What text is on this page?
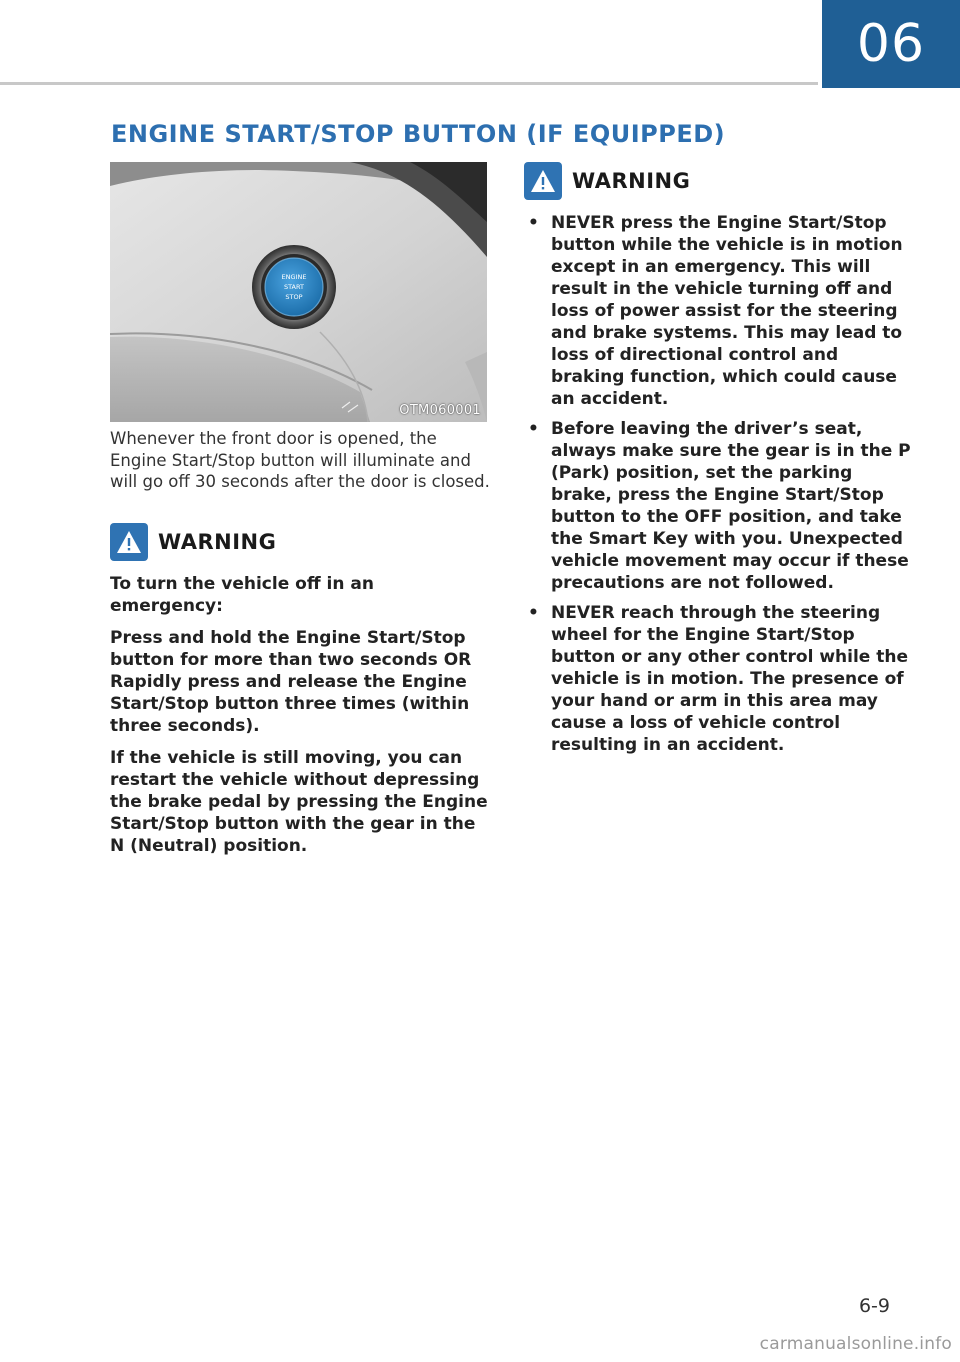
06
ENGINE START/STOP BUTTON (IF EQUIPPED)
ENGINE
START
STOP
OTM060001

Whenever the front door is opened, the Engine Start/Stop button will illuminate and will go off 30 seconds after the door is closed.

WARNING

To turn the vehicle off in an emergency:

Press and hold the Engine Start/Stop button for more than two seconds OR Rapidly press and release the Engine Start/Stop button three times (within three seconds).

If the vehicle is still moving, you can restart the vehicle without depressing the brake pedal by pressing the Engine Start/Stop button with the gear in the N (Neutral) position.

WARNING
• NEVER press the Engine Start/Stop button while the vehicle is in motion except in an emergency. This will result in the vehicle turning off and loss of power assist for the steering and brake systems. This may lead to loss of directional control and braking function, which could cause an accident.
• Before leaving the driver’s seat, always make sure the gear is in the P (Park) position, set the parking brake, press the Engine Start/Stop button to the OFF position, and take the Smart Key with you. Unexpected vehicle movement may occur if these precautions are not followed.
• NEVER reach through the steering wheel for the Engine Start/Stop button or any other control while the vehicle is in motion. The presence of your hand or arm in this area may cause a loss of vehicle control resulting in an accident.
6-9
carmanualsonline.info
